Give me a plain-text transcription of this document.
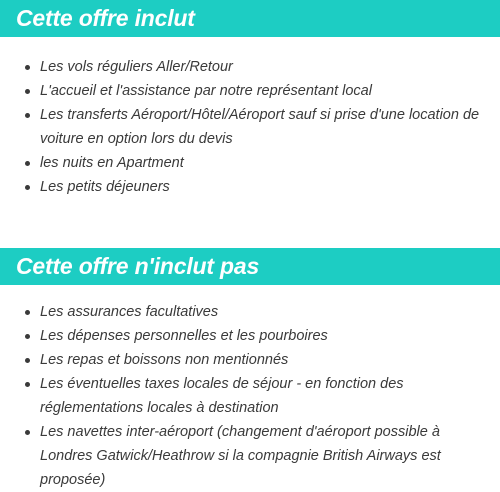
Cette offre inclut
Les vols réguliers Aller/Retour
L'accueil et l'assistance par notre représentant local
Les transferts Aéroport/Hôtel/Aéroport sauf si prise d'une location de voiture en option lors du devis
les nuits en Apartment
Les petits déjeuners
Cette offre n'inclut pas
Les assurances facultatives
Les dépenses personnelles et les pourboires
Les repas et boissons non mentionnés
Les éventuelles taxes locales de séjour - en fonction des réglementations locales à destination
Les navettes inter-aéroport (changement d'aéroport possible à Londres Gatwick/Heathrow si la compagnie British Airways est proposée)
